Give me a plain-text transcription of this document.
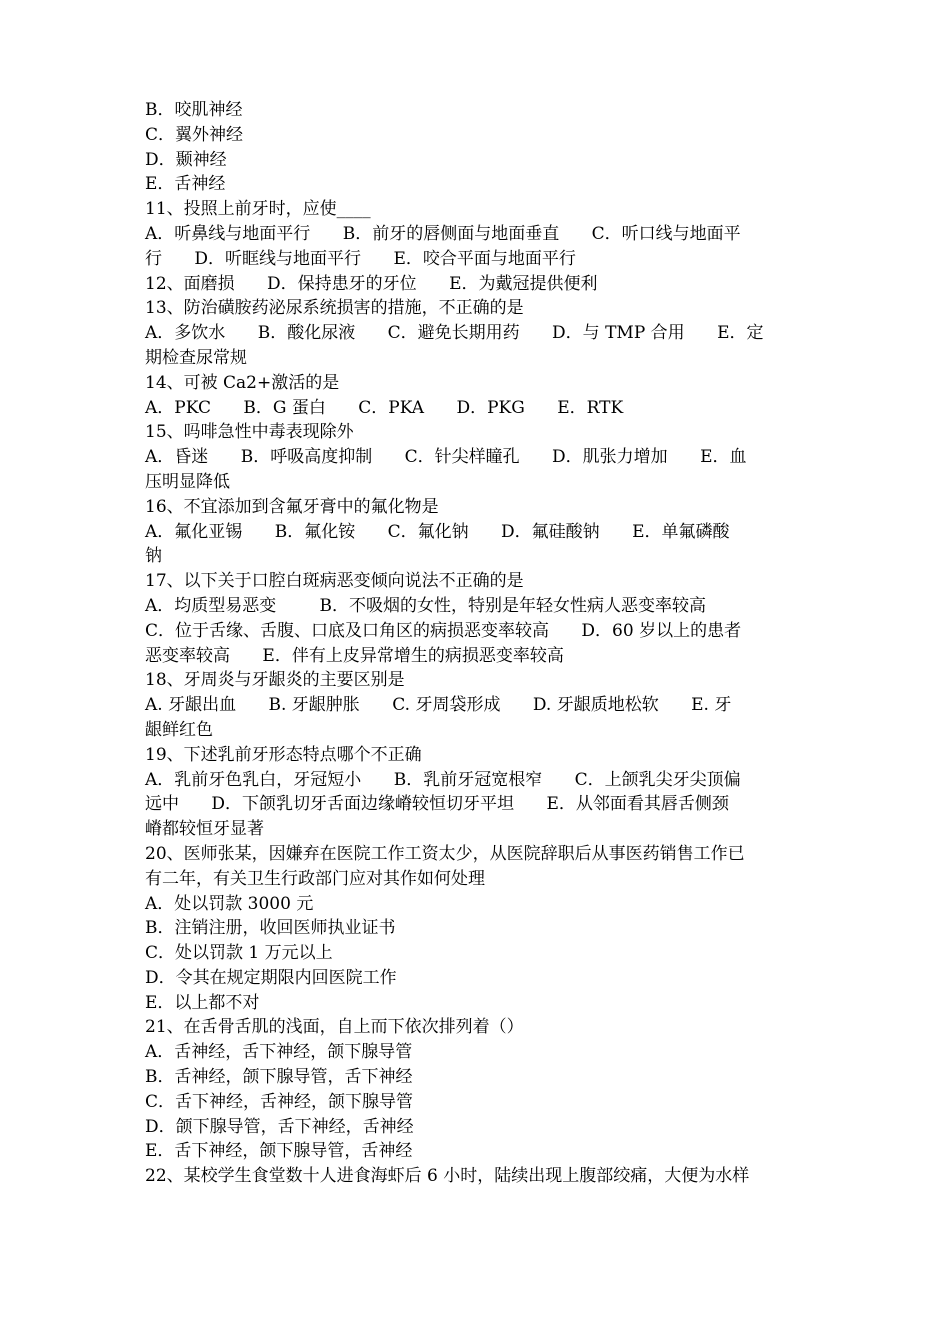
B．咬肌神经
C．翼外神经
D．颞神经
E．舌神经
11、投照上前牙时，应使____
A．听鼻线与地面平行      B．前牙的唇侧面与地面垂直      C．听口线与地面平
行      D．听眶线与地面平行      E．咬合平面与地面平行
12、面磨损      D．保持患牙的牙位      E．为戴冠提供便利
13、防治磺胺药泌尿系统损害的措施，不正确的是
A．多饮水      B．酸化尿液      C．避免长期用药      D．与 TMP 合用      E．定
期检查尿常规
14、可被 Ca2+激活的是
A．PKC      B．G 蛋白      C．PKA      D．PKG      E．RTK
15、吗啡急性中毒表现除外
A．昏迷      B．呼吸高度抑制      C．针尖样瞳孔      D．肌张力增加      E．血
压明显降低
16、不宜添加到含氟牙膏中的氟化物是
A．氟化亚锡      B．氟化铵      C．氟化钠      D．氟硅酸钠      E．单氟磷酸
钠
17、以下关于口腔白斑病恶变倾向说法不正确的是
A．均质型易恶变        B．不吸烟的女性，特别是年轻女性病人恶变率较高
C．位于舌缘、舌腹、口底及口角区的病损恶变率较高      D．60 岁以上的患者
恶变率较高      E．伴有上皮异常增生的病损恶变率较高
18、牙周炎与牙龈炎的主要区别是
A. 牙龈出血      B. 牙龈肿胀      C. 牙周袋形成      D. 牙龈质地松软      E. 牙
龈鲜红色
19、下述乳前牙形态特点哪个不正确
A．乳前牙色乳白，牙冠短小      B．乳前牙冠宽根窄      C．上颌乳尖牙尖顶偏
远中      D．下颌乳切牙舌面边缘嵴较恒切牙平坦      E．从邻面看其唇舌侧颈
嵴都较恒牙显著
20、医师张某，因嫌弃在医院工作工资太少，从医院辞职后从事医药销售工作已
有二年，有关卫生行政部门应对其作如何处理
A．处以罚款 3000 元
B．注销注册，收回医师执业证书
C．处以罚款 1 万元以上
D．令其在规定期限内回医院工作
E．以上都不对
21、在舌骨舌肌的浅面，自上而下依次排列着（）
A．舌神经，舌下神经，颌下腺导管
B．舌神经，颌下腺导管，舌下神经
C．舌下神经，舌神经，颌下腺导管
D．颌下腺导管，舌下神经，舌神经
E．舌下神经，颌下腺导管，舌神经
22、某校学生食堂数十人进食海虾后 6 小时，陆续出现上腹部绞痛，大便为水样
